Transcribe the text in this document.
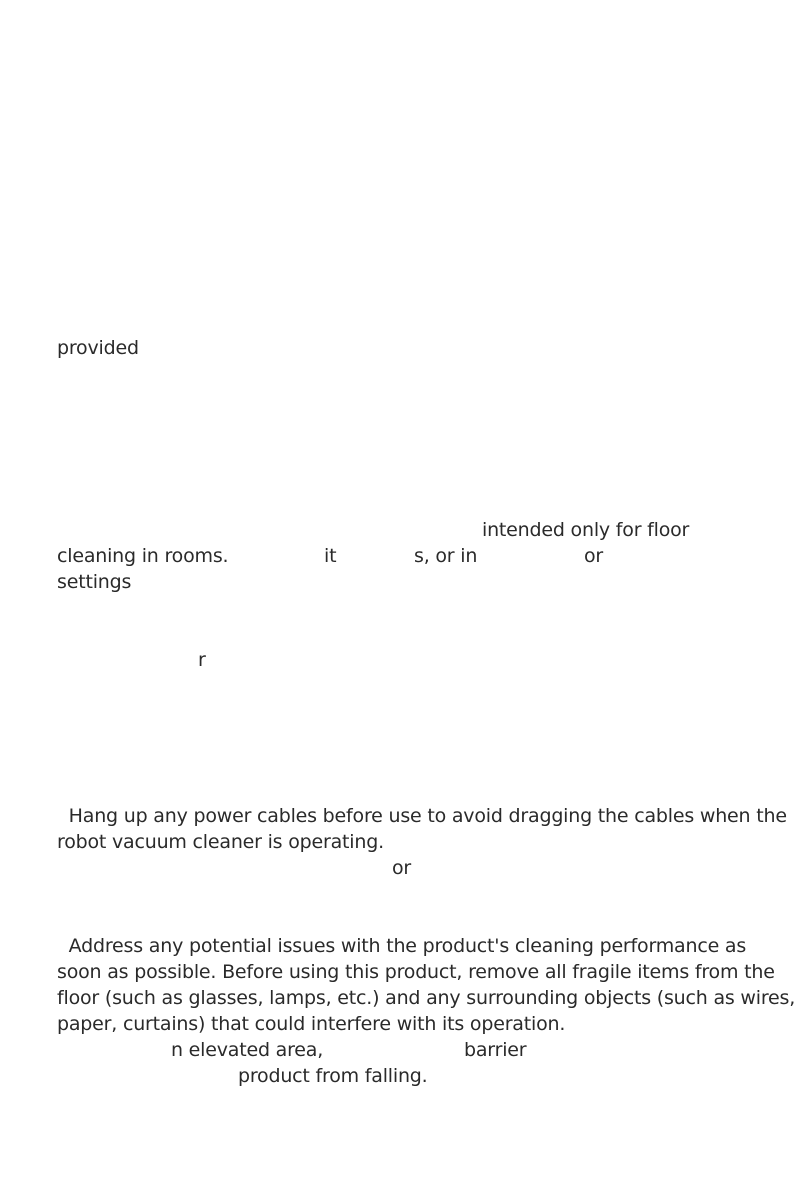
provided
intended only for floor
cleaning in rooms.	it	s, or in	or
settings
r
Hang up any power cables before use to avoid dragging the cables when the
robot vacuum cleaner is operating.
or
Address any potential issues with the product's cleaning performance as
soon as possible. Before using this product, remove all fragile items from the
floor (such as glasses, lamps, etc.) and any surrounding objects (such as wires,
paper, curtains) that could interfere with its operation.
n elevated area,	barrier
product from falling.
